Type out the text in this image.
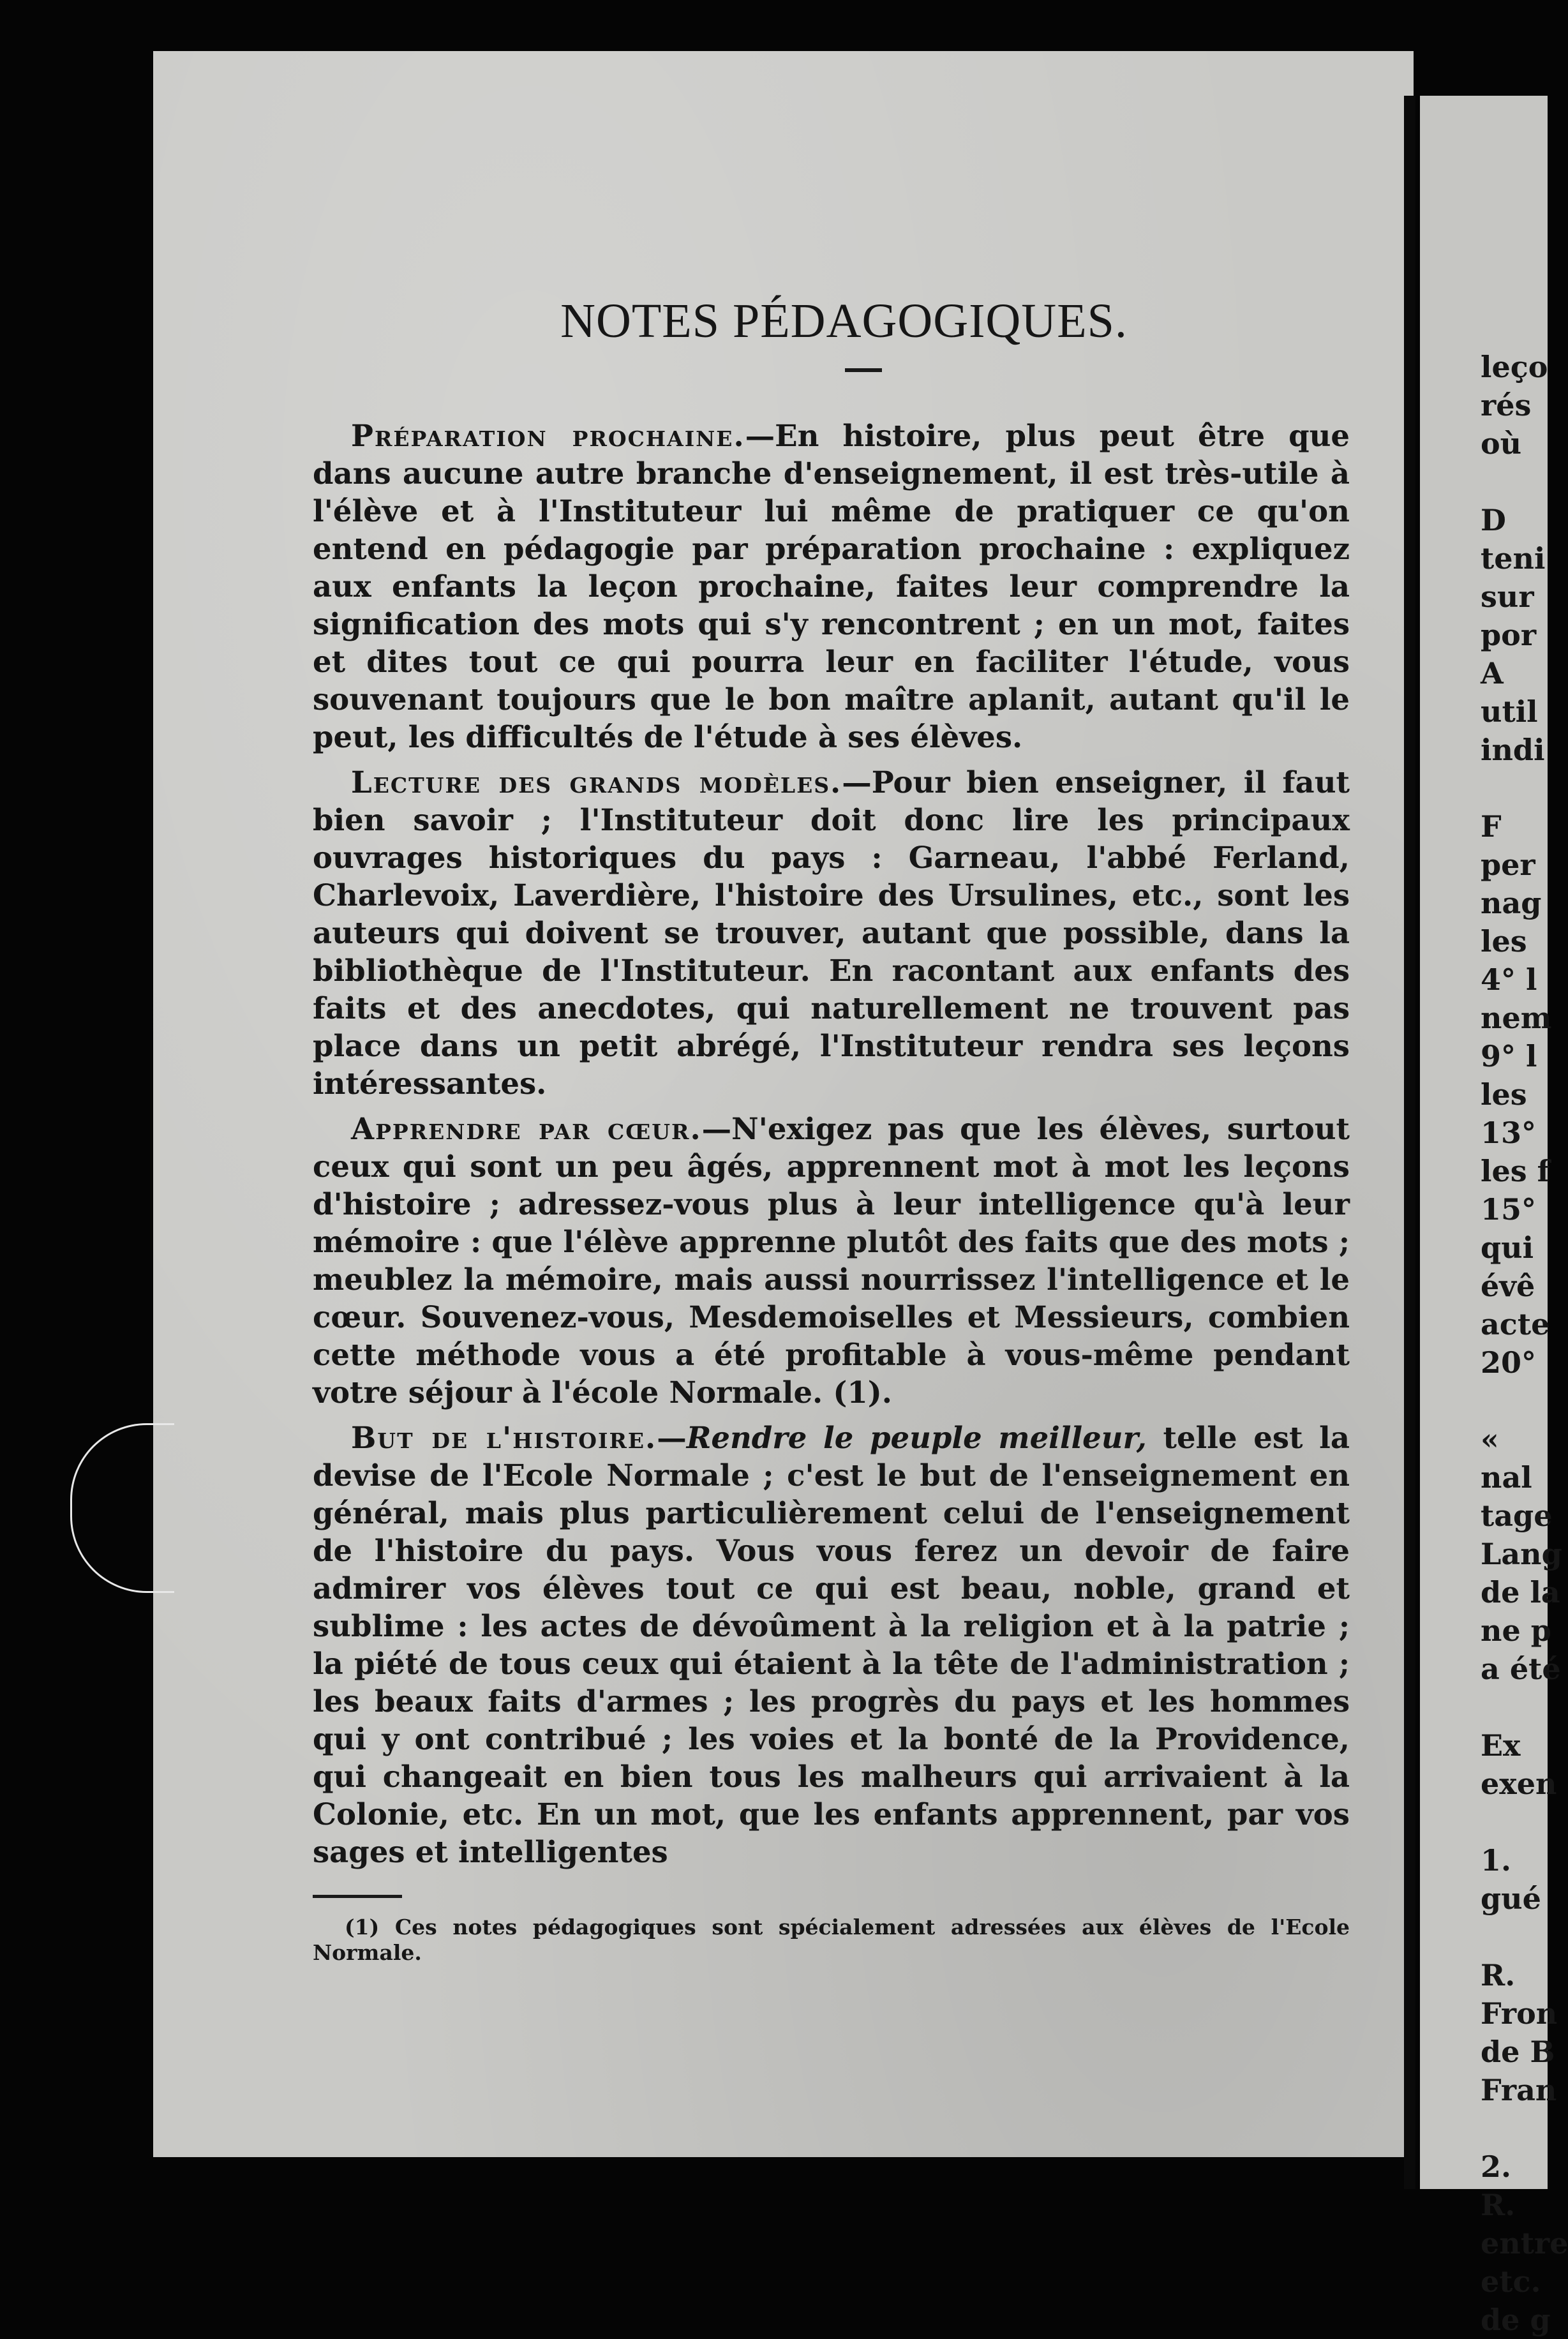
NOTES PÉDAGOGIQUES.

Préparation prochaine.—En histoire, plus peut être que dans aucune autre branche d'enseignement, il est très-utile à l'élève et à l'Instituteur lui même de pratiquer ce qu'on entend en pédagogie par préparation prochaine : expliquez aux enfants la leçon prochaine, faites leur comprendre la signification des mots qui s'y rencontrent ; en un mot, faites et dites tout ce qui pourra leur en faciliter l'étude, vous souvenant toujours que le bon maître aplanit, autant qu'il le peut, les difficultés de l'étude à ses élèves.

Lecture des grands modèles.—Pour bien enseigner, il faut bien savoir ; l'Instituteur doit donc lire les principaux ouvrages historiques du pays : Garneau, l'abbé Ferland, Charlevoix, Laverdière, l'histoire des Ursulines, etc., sont les auteurs qui doivent se trouver, autant que possible, dans la bibliothèque de l'Instituteur. En racontant aux enfants des faits et des anecdotes, qui naturellement ne trouvent pas place dans un petit abrégé, l'Instituteur rendra ses leçons intéressantes.

Apprendre par cœur.—N'exigez pas que les élèves, surtout ceux qui sont un peu âgés, apprennent mot à mot les leçons d'histoire ; adressez-vous plus à leur intelligence qu'à leur mémoire : que l'élève apprenne plutôt des faits que des mots ; meublez la mémoire, mais aussi nourrissez l'intelligence et le cœur. Souvenez-vous, Mesdemoiselles et Messieurs, combien cette méthode vous a été profitable à vous-même pendant votre séjour à l'école Normale. (1).

But de l'histoire.—Rendre le peuple meilleur, telle est la devise de l'Ecole Normale ; c'est le but de l'enseignement en général, mais plus particulièrement celui de l'enseignement de l'histoire du pays. Vous vous ferez un devoir de faire admirer vos élèves tout ce qui est beau, noble, grand et sublime : les actes de dévoûment à la religion et à la patrie ; la piété de tous ceux qui étaient à la tête de l'administration ; les beaux faits d'armes ; les progrès du pays et les hommes qui y ont contribué ; les voies et la bonté de la Providence, qui changeait en bien tous les malheurs qui arrivaient à la Colonie, etc. En un mot, que les enfants apprennent, par vos sages et intelligentes

(1) Ces notes pédagogiques sont spécialement adressées aux élèves de l'Ecole Normale.

leço
rés
où
D
teni
sur
por
A
util
indi
F
per
nag
les
4° l
nem
9° l
les
13°
les f
15°
qui
évê
acte
20°
«
nal
tage
Lang
de la
ne p
a été
Ex
exen
1.
gué
R.
Fron
de B
Fran
2.
R.
entre
etc.
de g
